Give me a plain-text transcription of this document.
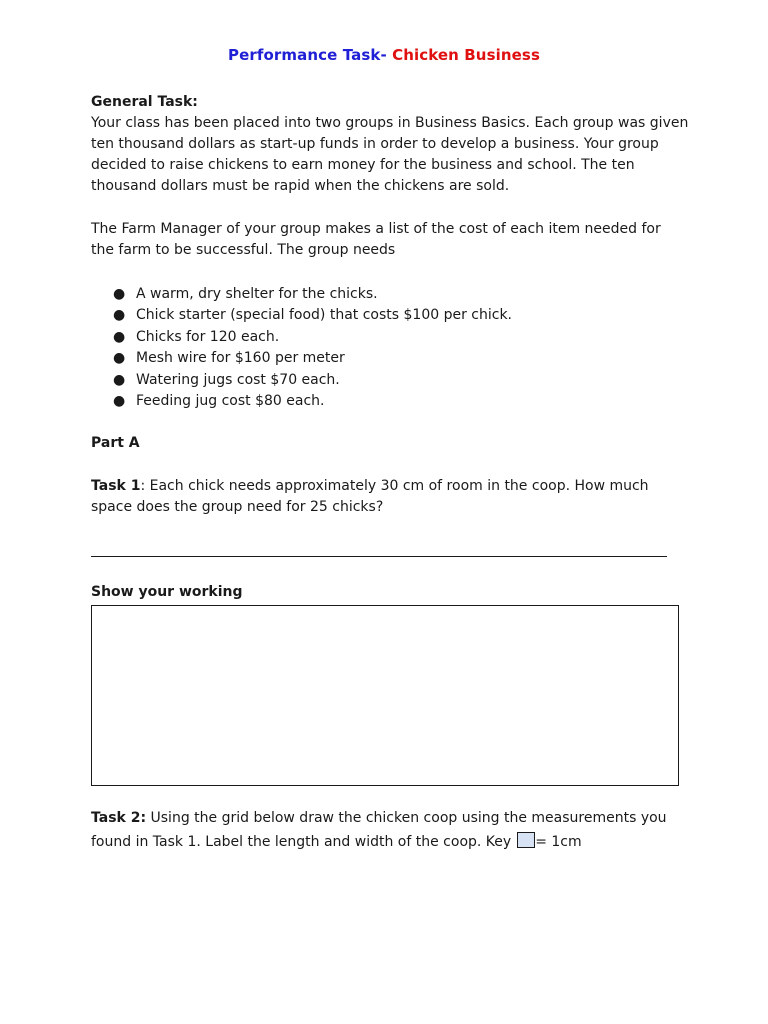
Performance Task- Chicken Business
General Task:

Your class has been placed into two groups in Business Basics. Each group was given

ten thousand dollars as start-up funds in order to develop a business. Your group

decided to raise chickens to earn money for the business and school. The ten

thousand dollars must be rapid when the chickens are sold.

The Farm Manager of your group makes a list of the cost of each item needed for

the farm to be successful. The group needs

● A warm, dry shelter for the chicks.
● Chick starter (special food) that costs $100 per chick.
● Chicks for 120 each.
● Mesh wire for $160 per meter
● Watering jugs cost $70 each.
● Feeding jug cost $80 each.
Part A

Task 1: Each chick needs approximately 30 cm of room in the coop. How much

space does the group need for 25 chicks?

Show your working

Task 2: Using the grid below draw the chicken coop using the measurements you

found in Task 1. Label the length and width of the coop. Key = 1cm
